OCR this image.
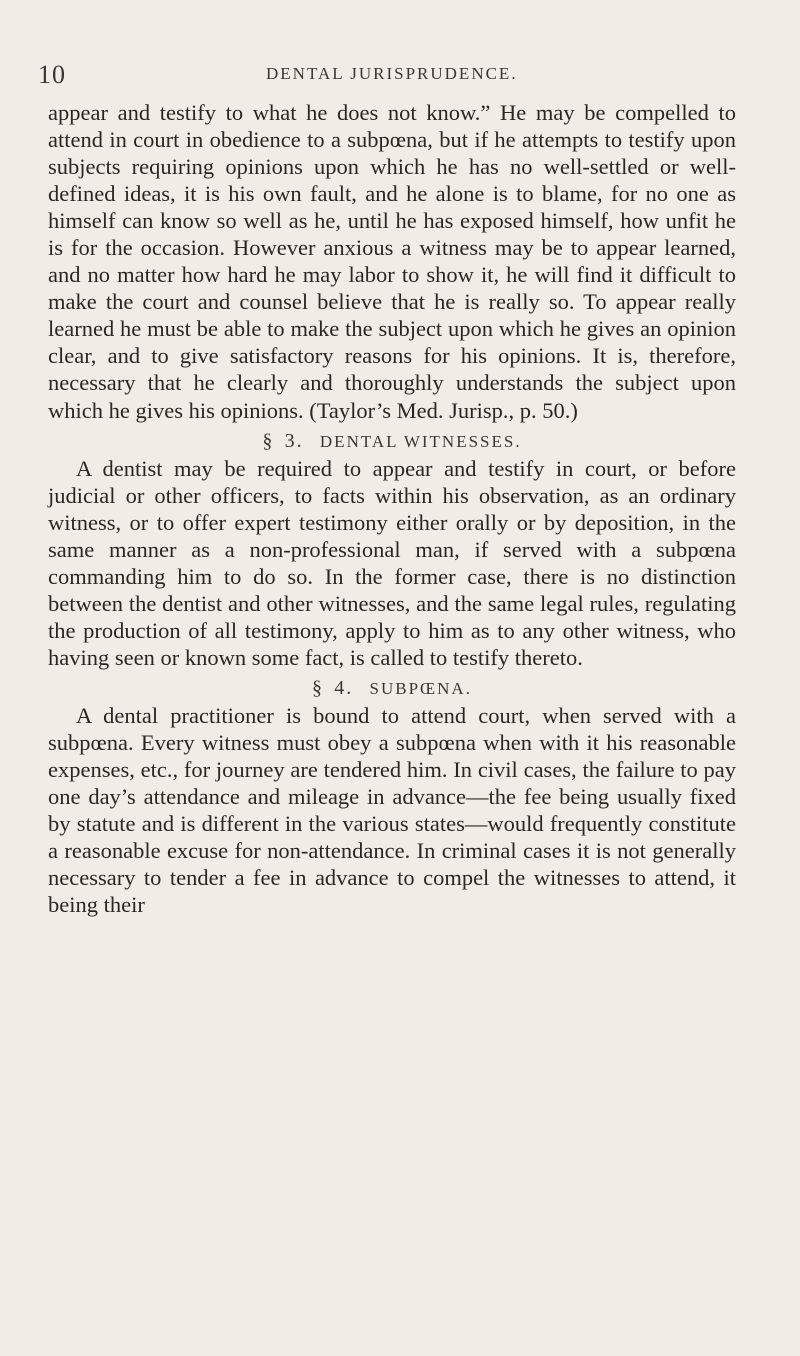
10	DENTAL JURISPRUDENCE.

appear and testify to what he does not know.” He may be compelled to attend in court in obedience to a subpœna, but if he attempts to testify upon subjects requiring opinions upon which he has no well-settled or well-defined ideas, it is his own fault, and he alone is to blame, for no one as himself can know so well as he, until he has exposed himself, how unfit he is for the occasion. However anxious a witness may be to appear learned, and no matter how hard he may labor to show it, he will find it difficult to make the court and counsel believe that he is really so. To appear really learned he must be able to make the subject upon which he gives an opinion clear, and to give satisfactory reasons for his opinions. It is, therefore, necessary that he clearly and thoroughly understands the subject upon which he gives his opinions. (Taylor’s Med. Jurisp., p. 50.)

§ 3. DENTAL WITNESSES.

A dentist may be required to appear and testify in court, or before judicial or other officers, to facts within his observation, as an ordinary witness, or to offer expert testimony either orally or by deposition, in the same manner as a non-professional man, if served with a subpœna commanding him to do so. In the former case, there is no distinction between the dentist and other witnesses, and the same legal rules, regulating the production of all testimony, apply to him as to any other witness, who having seen or known some fact, is called to testify thereto.

§ 4. SUBPŒNA.

A dental practitioner is bound to attend court, when served with a subpœna. Every witness must obey a subpœna when with it his reasonable expenses, etc., for journey are tendered him. In civil cases, the failure to pay one day’s attendance and mileage in advance—the fee being usually fixed by statute and is different in the various states—would frequently constitute a reasonable excuse for non-attendance. In criminal cases it is not generally necessary to tender a fee in advance to compel the witnesses to attend, it being their
